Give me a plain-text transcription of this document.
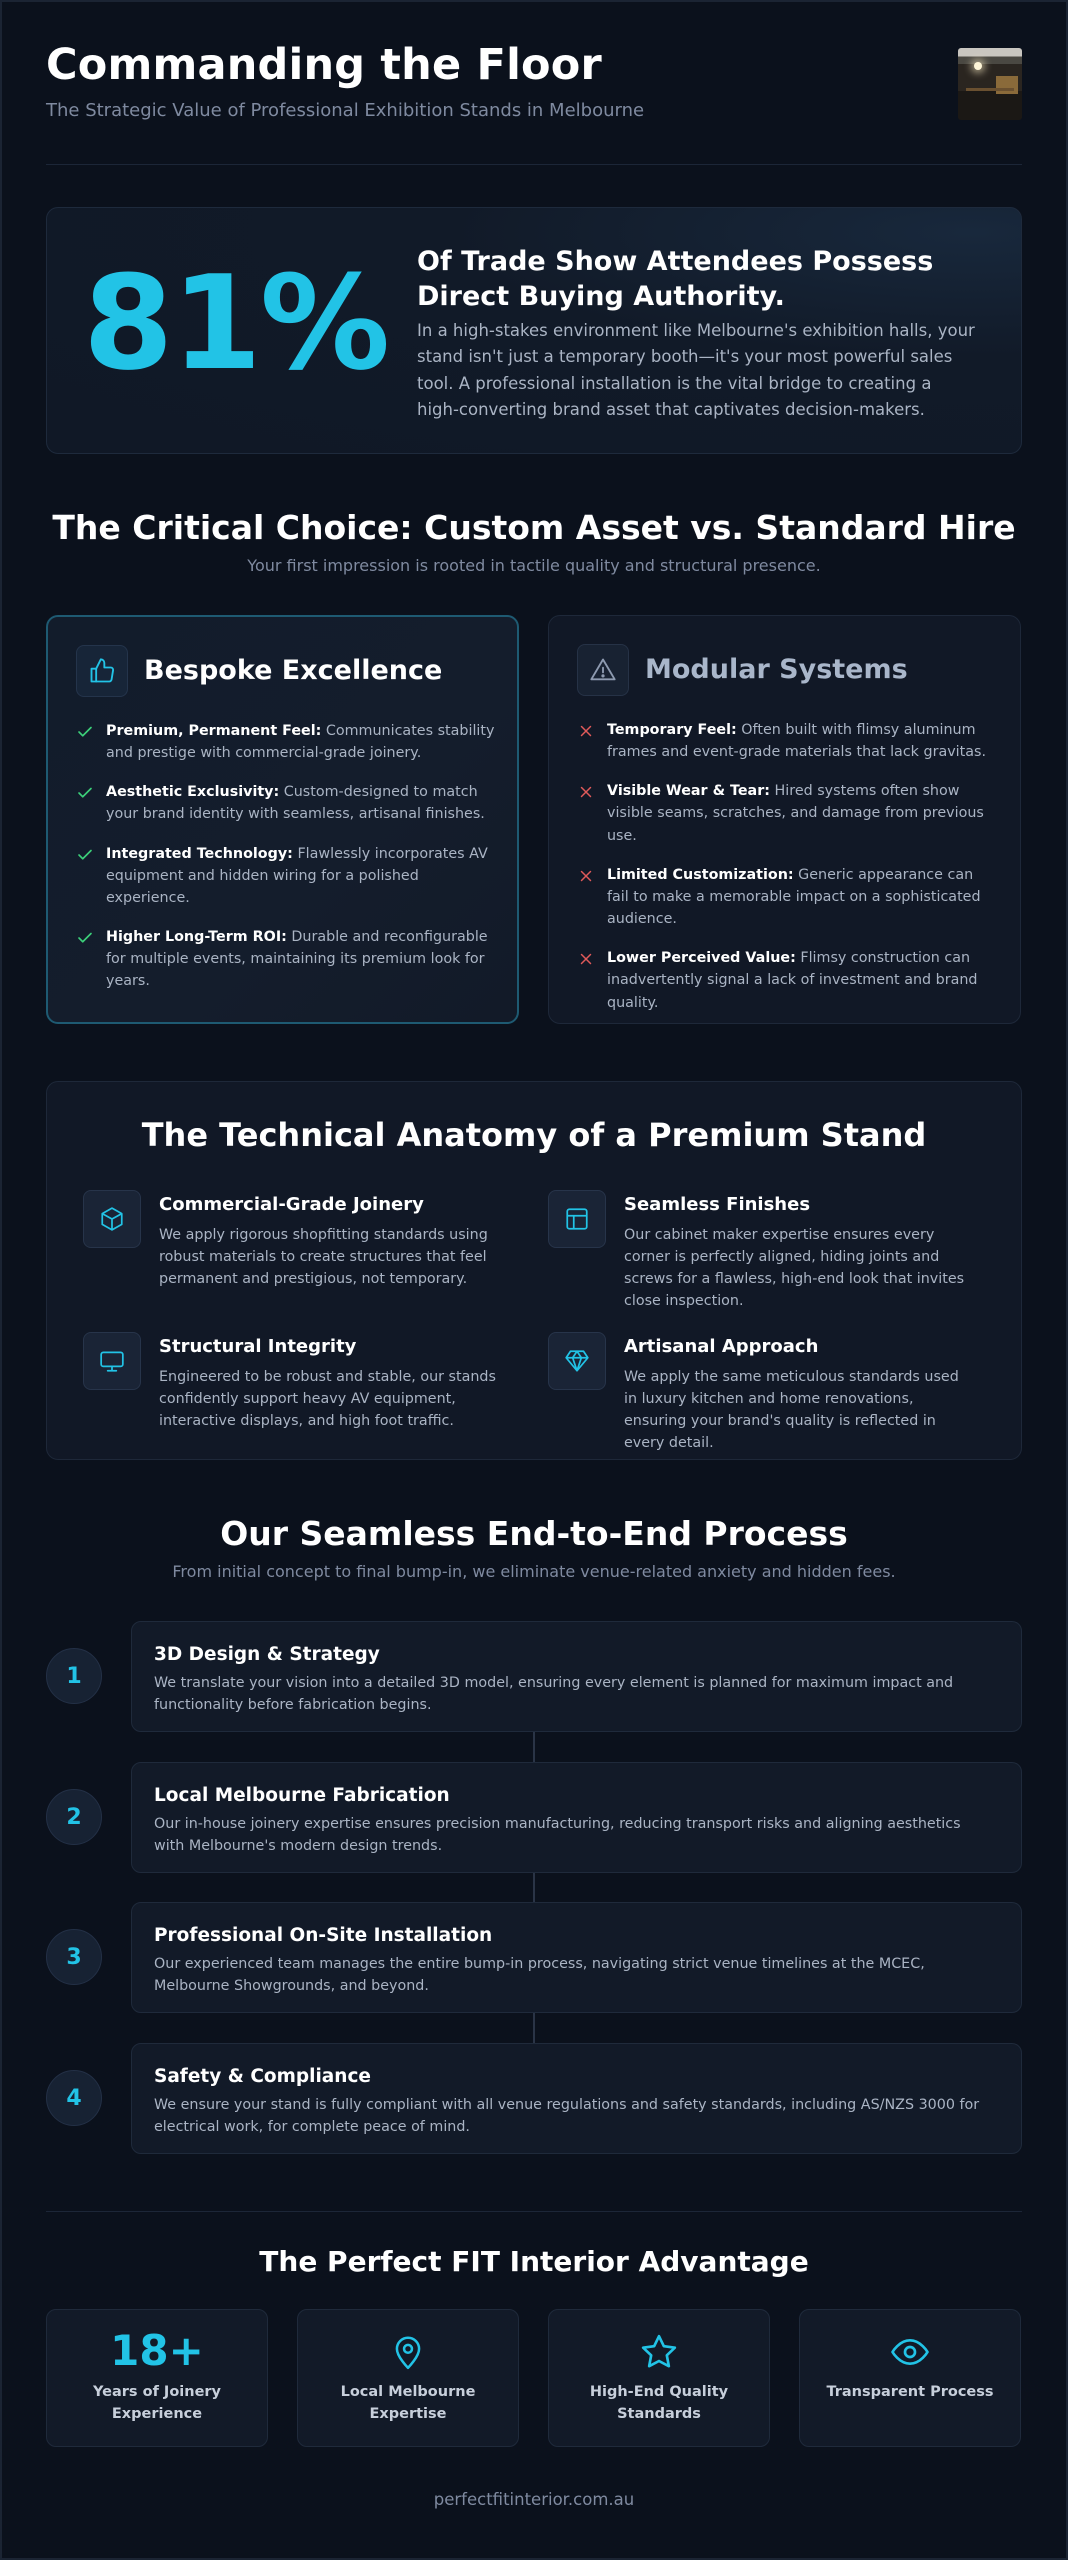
Commanding the Floor
The Strategic Value of Professional Exhibition Stands in Melbourne
81% Of Trade Show Attendees Possess Direct Buying Authority.
In a high-stakes environment like Melbourne's exhibition halls, your stand isn't just a temporary booth—it's your most powerful sales tool. A professional installation is the vital bridge to creating a high-converting brand asset that captivates decision-makers.
The Critical Choice: Custom Asset vs. Standard Hire
Your first impression is rooted in tactile quality and structural presence.
Bespoke Excellence
Premium, Permanent Feel: Communicates stability and prestige with commercial-grade joinery.
Aesthetic Exclusivity: Custom-designed to match your brand identity with seamless, artisanal finishes.
Integrated Technology: Flawlessly incorporates AV equipment and hidden wiring for a polished experience.
Higher Long-Term ROI: Durable and reconfigurable for multiple events, maintaining its premium look for years.
Modular Systems
Temporary Feel: Often built with flimsy aluminum frames and event-grade materials that lack gravitas.
Visible Wear & Tear: Hired systems often show visible seams, scratches, and damage from previous use.
Limited Customization: Generic appearance can fail to make a memorable impact on a sophisticated audience.
Lower Perceived Value: Flimsy construction can inadvertently signal a lack of investment and brand quality.
The Technical Anatomy of a Premium Stand
Commercial-Grade Joinery
We apply rigorous shopfitting standards using robust materials to create structures that feel permanent and prestigious, not temporary.
Seamless Finishes
Our cabinet maker expertise ensures every corner is perfectly aligned, hiding joints and screws for a flawless, high-end look that invites close inspection.
Structural Integrity
Engineered to be robust and stable, our stands confidently support heavy AV equipment, interactive displays, and high foot traffic.
Artisanal Approach
We apply the same meticulous standards used in luxury kitchen and home renovations, ensuring your brand's quality is reflected in every detail.
Our Seamless End-to-End Process
From initial concept to final bump-in, we eliminate venue-related anxiety and hidden fees.
1
3D Design & Strategy
We translate your vision into a detailed 3D model, ensuring every element is planned for maximum impact and functionality before fabrication begins.
2
Local Melbourne Fabrication
Our in-house joinery expertise ensures precision manufacturing, reducing transport risks and aligning aesthetics with Melbourne's modern design trends.
3
Professional On-Site Installation
Our experienced team manages the entire bump-in process, navigating strict venue timelines at the MCEC, Melbourne Showgrounds, and beyond.
4
Safety & Compliance
We ensure your stand is fully compliant with all venue regulations and safety standards, including AS/NZS 3000 for electrical work, for complete peace of mind.
The Perfect FIT Interior Advantage
18+
Years of Joinery Experience
Local Melbourne Expertise
High-End Quality Standards
Transparent Process
perfectfitinterior.com.au
